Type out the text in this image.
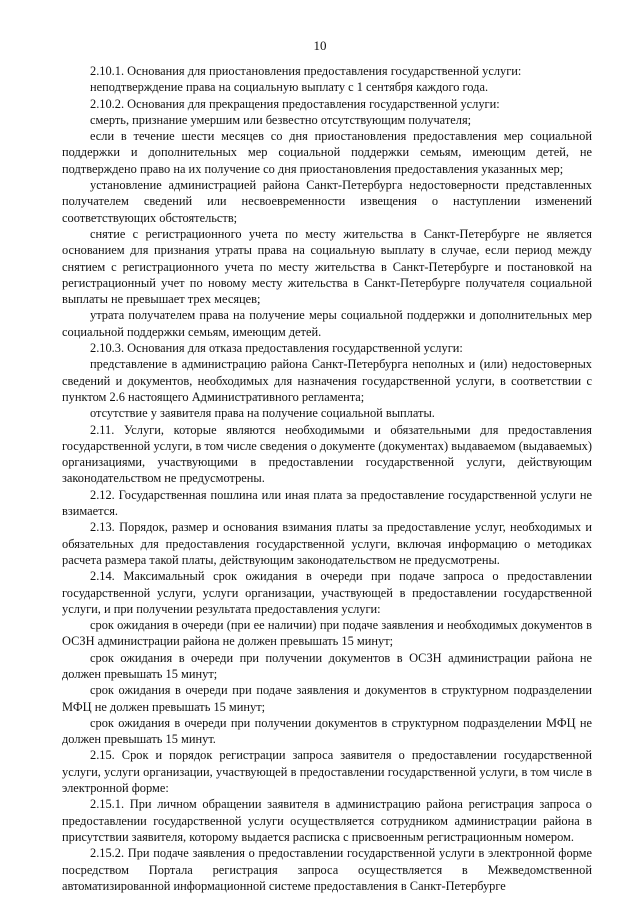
10

2.10.1. Основания для приостановления предоставления государственной услуги:

неподтверждение права на социальную выплату с 1 сентября каждого года.

2.10.2. Основания для прекращения предоставления государственной услуги:

смерть, признание умершим или безвестно отсутствующим получателя;

если в течение шести месяцев со дня приостановления предоставления мер социальной поддержки и дополнительных мер социальной поддержки семьям, имеющим детей, не подтверждено право на их получение со дня приостановления предоставления указанных мер;

установление администрацией района Санкт-Петербурга недостоверности представленных получателем сведений или несвоевременности извещения о наступлении изменений соответствующих обстоятельств;

снятие с регистрационного учета по месту жительства в Санкт-Петербурге не является основанием для признания утраты права на социальную выплату в случае, если период между снятием с регистрационного учета по месту жительства в Санкт-Петербурге и постановкой на регистрационный учет по новому месту жительства в Санкт-Петербурге получателя социальной выплаты не превышает трех месяцев;

утрата получателем права на получение меры социальной поддержки и дополнительных мер социальной поддержки семьям, имеющим детей.

2.10.3. Основания для отказа предоставления государственной услуги:

представление в администрацию района Санкт-Петербурга неполных и (или) недостоверных сведений и документов, необходимых для назначения государственной услуги, в соответствии с пунктом 2.6 настоящего Административного регламента;

отсутствие у заявителя права на получение социальной выплаты.

2.11. Услуги, которые являются необходимыми и обязательными для предоставления государственной услуги, в том числе сведения о документе (документах) выдаваемом (выдаваемых) организациями, участвующими в предоставлении государственной услуги, действующим законодательством не предусмотрены.

2.12. Государственная пошлина или иная плата за предоставление государственной услуги не взимается.

2.13. Порядок, размер и основания взимания платы за предоставление услуг, необходимых и обязательных для предоставления государственной услуги, включая информацию о методиках расчета размера такой платы, действующим законодательством не предусмотрены.

2.14. Максимальный срок ожидания в очереди при подаче запроса о предоставлении государственной услуги, услуги организации, участвующей в предоставлении государственной услуги, и при получении результата предоставления услуги:

срок ожидания в очереди (при ее наличии) при подаче заявления и необходимых документов в ОСЗН администрации района не должен превышать 15 минут;

срок ожидания в очереди при получении документов в ОСЗН администрации района не должен превышать 15 минут;

срок ожидания в очереди при подаче заявления и документов в структурном подразделении МФЦ не должен превышать 15 минут;

срок ожидания в очереди при получении документов в структурном подразделении МФЦ не должен превышать 15 минут.

2.15. Срок и порядок регистрации запроса заявителя о предоставлении государственной услуги, услуги организации, участвующей в предоставлении государственной услуги, в том числе в электронной форме:

2.15.1. При личном обращении заявителя в администрацию района регистрация запроса о предоставлении государственной услуги осуществляется сотрудником администрации района в присутствии заявителя, которому выдается расписка с присвоенным регистрационным номером.

2.15.2. При подаче заявления о предоставлении государственной услуги в электронной форме посредством Портала регистрация запроса осуществляется в Межведомственной автоматизированной информационной системе предоставления в Санкт-Петербурге
